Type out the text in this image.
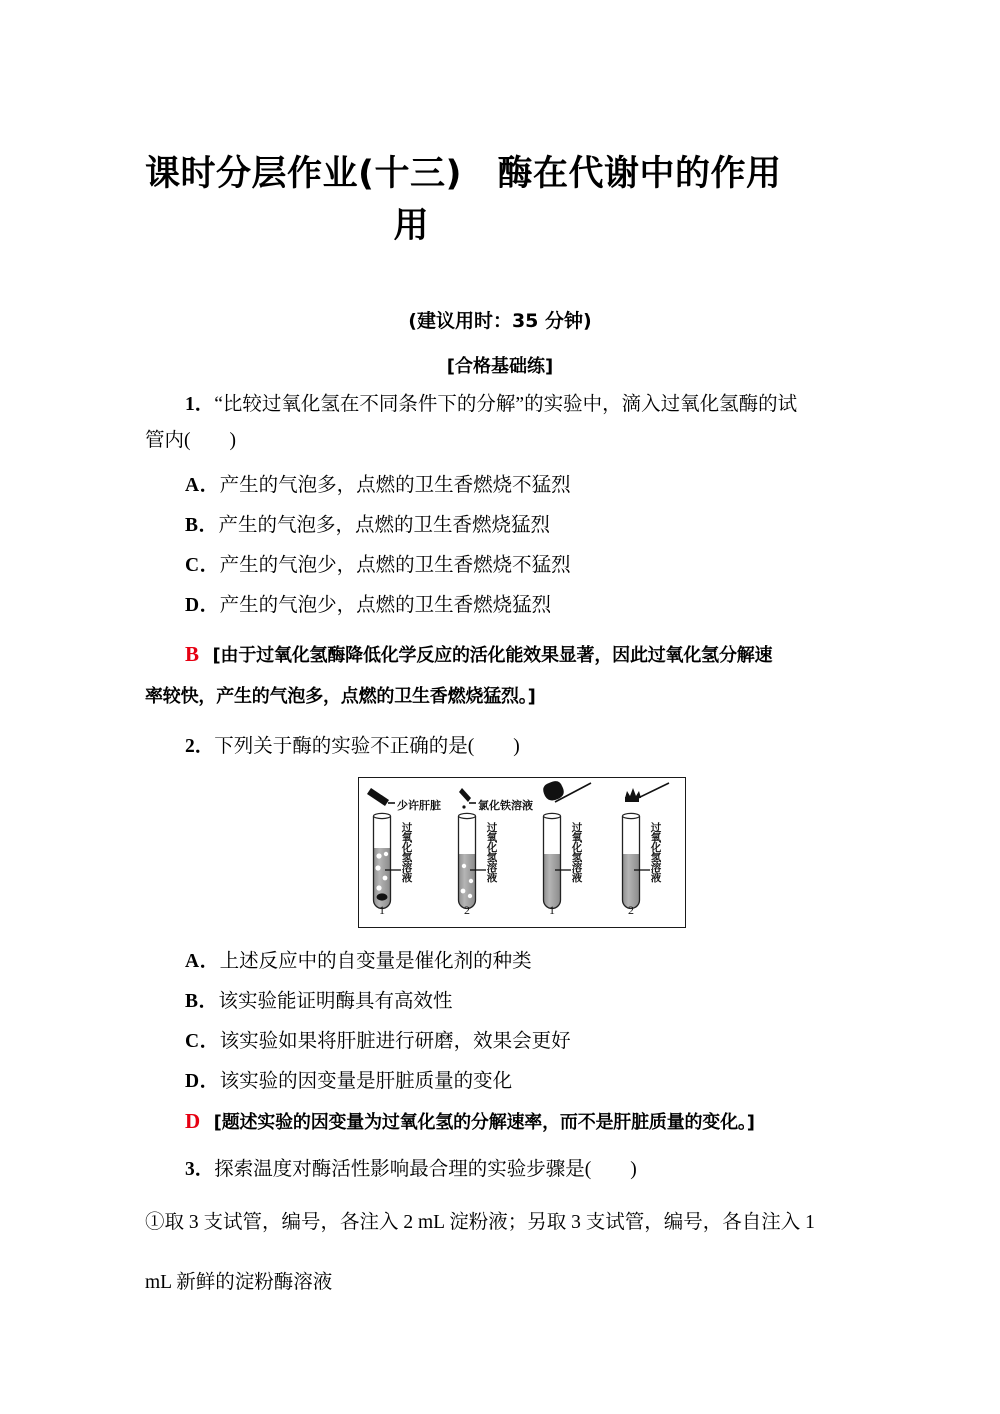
课时分层作业(十三)　酶在代谢中的作用
用
(建议用时：35 分钟)
[合格基础练]
1．“比较过氧化氢在不同条件下的分解”的实验中，滴入过氧化氢酶的试
管内(　　)
A．产生的气泡多，点燃的卫生香燃烧不猛烈
B．产生的气泡多，点燃的卫生香燃烧猛烈
C．产生的气泡少，点燃的卫生香燃烧不猛烈
D．产生的气泡少，点燃的卫生香燃烧猛烈
B [由于过氧化氢酶降低化学反应的活化能效果显著，因此过氧化氢分解速
率较快，产生的气泡多，点燃的卫生香燃烧猛烈。]
2．下列关于酶的实验不正确的是(　　)
少许肝脏	氯化铁溶液
过氧化氢溶液	过氧化氢溶液	过氧化氢溶液	过氧化氢溶液
1	2	1	2
A．上述反应中的自变量是催化剂的种类
B．该实验能证明酶具有高效性
C．该实验如果将肝脏进行研磨，效果会更好
D．该实验的因变量是肝脏质量的变化
D [题述实验的因变量为过氧化氢的分解速率，而不是肝脏质量的变化。]
3．探索温度对酶活性影响最合理的实验步骤是(　　)
①取 3 支试管，编号，各注入 2 mL 淀粉液；另取 3 支试管，编号，各自注入 1
mL 新鲜的淀粉酶溶液
